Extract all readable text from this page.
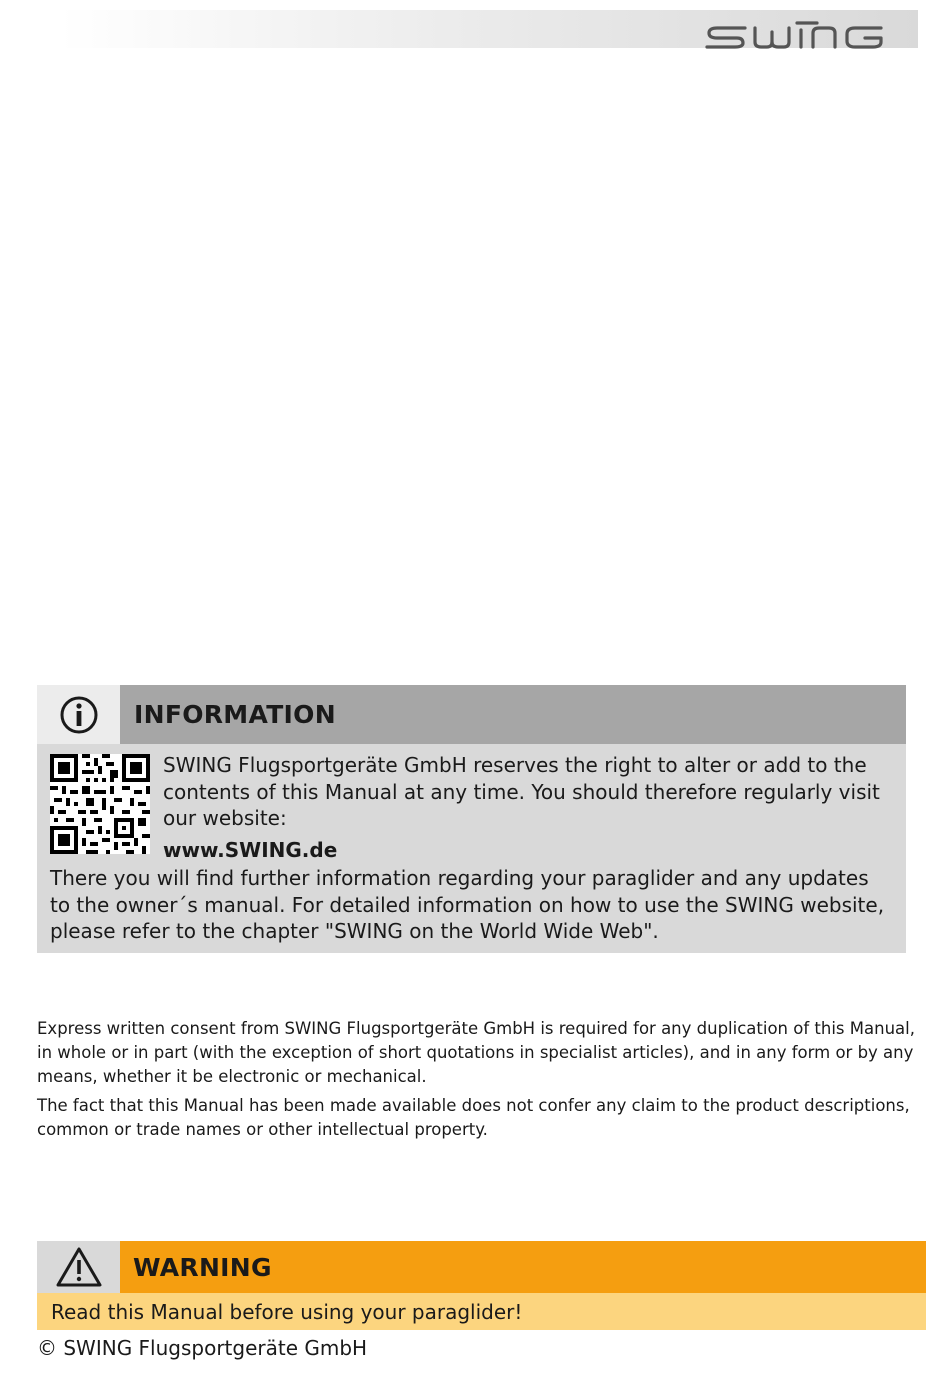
INFORMATION

SWING Flugsportgeräte GmbH reserves the right to alter or add to the contents of this Manual at any time. You should therefore regularly visit our website:

www.SWING.de

There you will find further information regarding your paraglider and any updates to the owner´s manual. For detailed information on how to use the SWING website, please refer to the chapter "SWING on the World Wide Web".

Express written consent from SWING Flugsportgeräte GmbH is required for any duplication of this Manual, in whole or in part (with the exception of short quotations in specialist articles), and in any form or by any means, whether it be electronic or mechanical.

The fact that this Manual has been made available does not confer any claim to the product descriptions, common or trade names or other intellectual property.

WARNING
Read this Manual before using your paraglider!
© SWING Flugsportgeräte GmbH
